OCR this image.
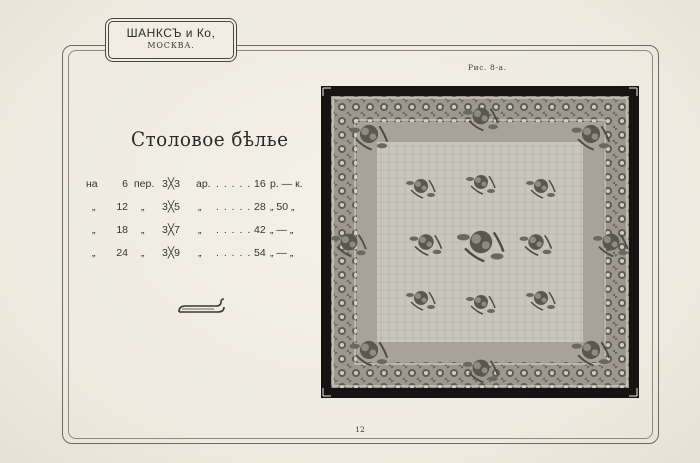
ШАНКСЪ и Ко,
МОСКВА.
Рис. 8-a.
Столовое бѣлье
на	6 пер. 3╳3 ар. . . . . . 16 р. — к.
„	12 „ 3╳5 „ . . . . . 28 „ 50 „
„	18 „ 3╳7 „ . . . . . 42 „ — „
„	24 „ 3╳9 „ . . . . . 54 „ — „
12
